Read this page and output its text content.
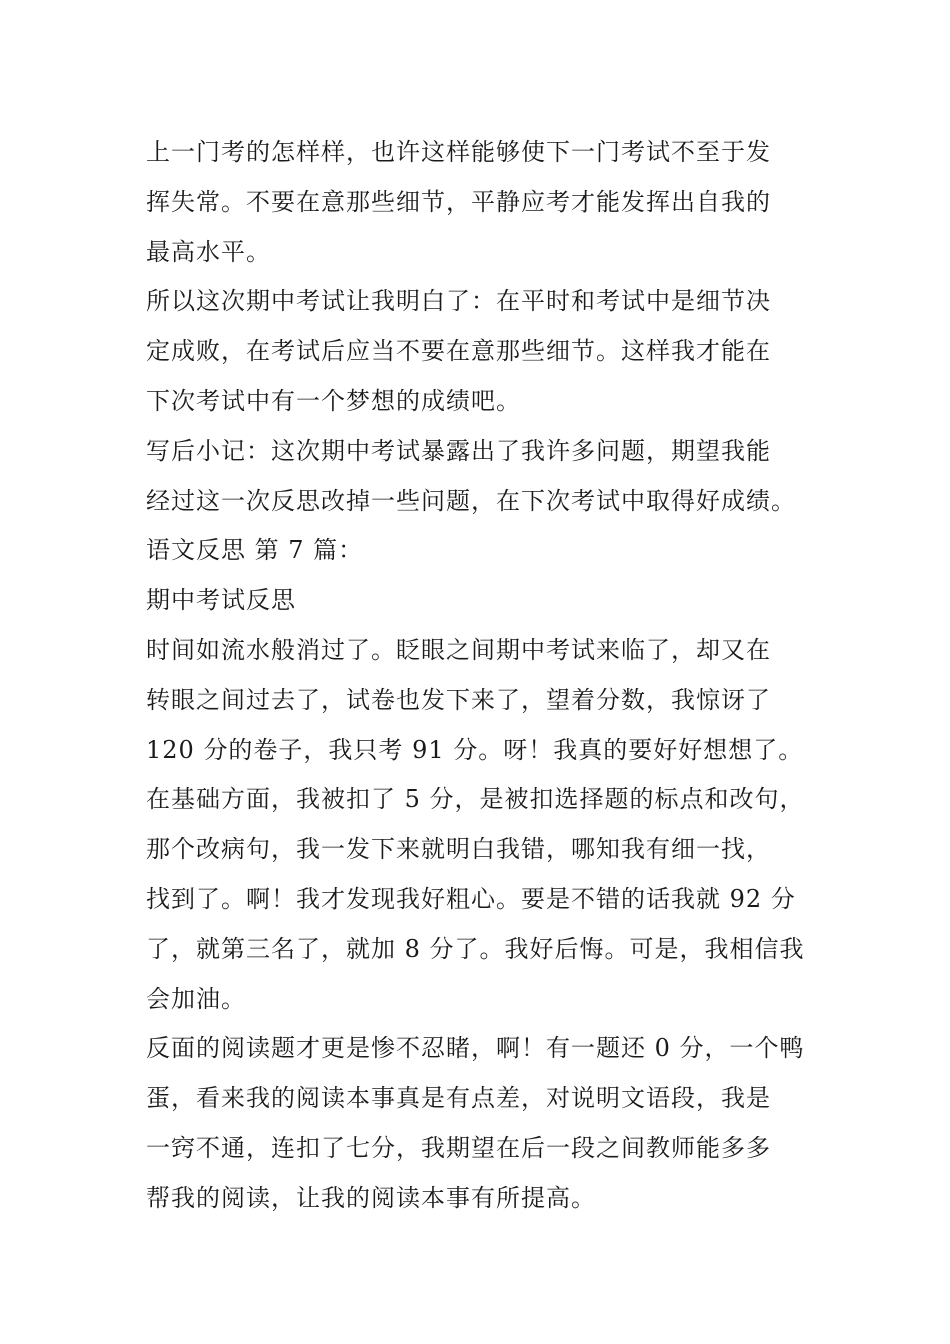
上一门考的怎样样，也许这样能够使下一门考试不至于发
挥失常。不要在意那些细节，平静应考才能发挥出自我的
最高水平。
所以这次期中考试让我明白了：在平时和考试中是细节决
定成败，在考试后应当不要在意那些细节。这样我才能在
下次考试中有一个梦想的成绩吧。
写后小记：这次期中考试暴露出了我许多问题，期望我能
经过这一次反思改掉一些问题，在下次考试中取得好成绩。
语文反思 第 7 篇：
期中考试反思
时间如流水般消过了。眨眼之间期中考试来临了，却又在
转眼之间过去了，试卷也发下来了，望着分数，我惊讶了
120 分的卷子，我只考 91 分。呀！我真的要好好想想了。
在基础方面，我被扣了 5 分，是被扣选择题的标点和改句，
那个改病句，我一发下来就明白我错，哪知我有细一找，
找到了。啊！我才发现我好粗心。要是不错的话我就 92 分
了，就第三名了，就加 8 分了。我好后悔。可是，我相信我
会加油。
反面的阅读题才更是惨不忍睹，啊！有一题还 0 分，一个鸭
蛋，看来我的阅读本事真是有点差，对说明文语段，我是
一窍不通，连扣了七分，我期望在后一段之间教师能多多
帮我的阅读，让我的阅读本事有所提高。
